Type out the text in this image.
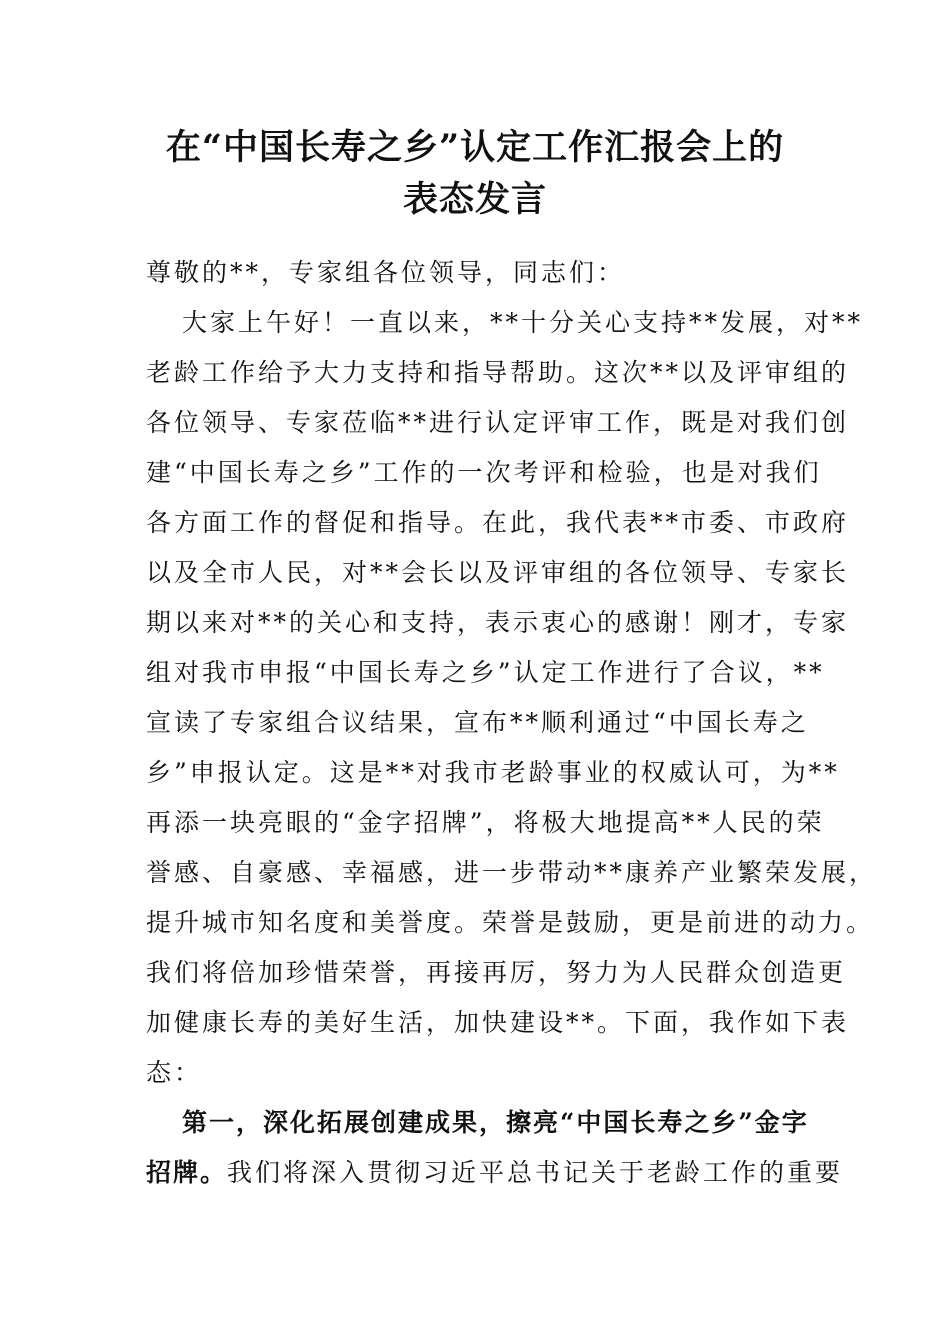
在“中国长寿之乡”认定工作汇报会上的
表态发言
尊敬的**，专家组各位领导，同志们：
大家上午好！一直以来，**十分关心支持**发展，对**
老龄工作给予大力支持和指导帮助。这次**以及评审组的
各位领导、专家莅临**进行认定评审工作，既是对我们创
建“中国长寿之乡”工作的一次考评和检验，也是对我们
各方面工作的督促和指导。在此，我代表**市委、市政府
以及全市人民，对**会长以及评审组的各位领导、专家长
期以来对**的关心和支持，表示衷心的感谢！刚才，专家
组对我市申报“中国长寿之乡”认定工作进行了合议，**
宣读了专家组合议结果，宣布**顺利通过“中国长寿之
乡”申报认定。这是**对我市老龄事业的权威认可，为**
再添一块亮眼的“金字招牌”，将极大地提高**人民的荣
誉感、自豪感、幸福感，进一步带动**康养产业繁荣发展，
提升城市知名度和美誉度。荣誉是鼓励，更是前进的动力。
我们将倍加珍惜荣誉，再接再厉，努力为人民群众创造更
加健康长寿的美好生活，加快建设**。下面，我作如下表
态：
第一，深化拓展创建成果，擦亮“中国长寿之乡”金字
招牌。我们将深入贯彻习近平总书记关于老龄工作的重要
